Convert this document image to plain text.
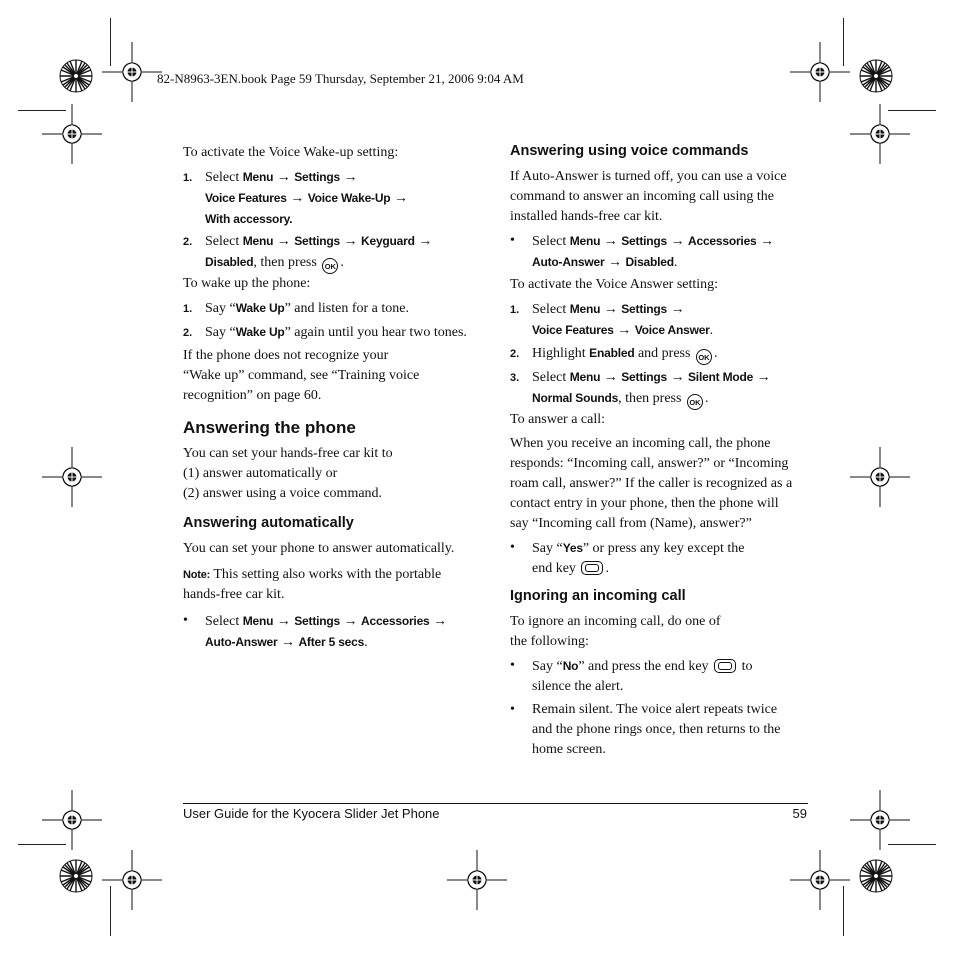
82-N8963-3EN.book Page 59 Thursday, September 21, 2006 9:04 AM
To activate the Voice Wake-up setting:
1. Select Menu → Settings →
Voice Features → Voice Wake-Up →
With accessory.
2. Select Menu → Settings → Keyguard →
Disabled, then press OK .
To wake up the phone:
1. Say “Wake Up” and listen for a tone.
2. Say “Wake Up” again until you hear two tones.
If the phone does not recognize your
“Wake up” command, see “Training voice
recognition” on page 60.
Answering the phone
You can set your hands-free car kit to
(1) answer automatically or
(2) answer using a voice command.
Answering automatically
You can set your phone to answer automatically.
Note: This setting also works with the portable
hands-free car kit.
•	Select Menu → Settings → Accessories →
Auto-Answer → After 5 secs.
Answering using voice commands
If Auto-Answer is turned off, you can use a voice
command to answer an incoming call using the
installed hands-free car kit.
•	Select Menu → Settings → Accessories →
Auto-Answer → Disabled.
To activate the Voice Answer setting:
1. Select Menu → Settings →
Voice Features → Voice Answer.
2. Highlight Enabled and press OK .
3. Select Menu → Settings → Silent Mode →
Normal Sounds, then press OK .
To answer a call:
When you receive an incoming call, the phone
responds: “Incoming call, answer?” or “Incoming
roam call, answer?” If the caller is recognized as a
contact entry in your phone, then the phone will
say “Incoming call from (Name), answer?”
•	Say “Yes” or press any key except the
end key .
Ignoring an incoming call
To ignore an incoming call, do one of
the following:
•	Say “No” and press the end key  to
silence the alert.
• Remain silent. The voice alert repeats twice
and the phone rings once, then returns to the
home screen.
User Guide for the Kyocera Slider Jet Phone	59
